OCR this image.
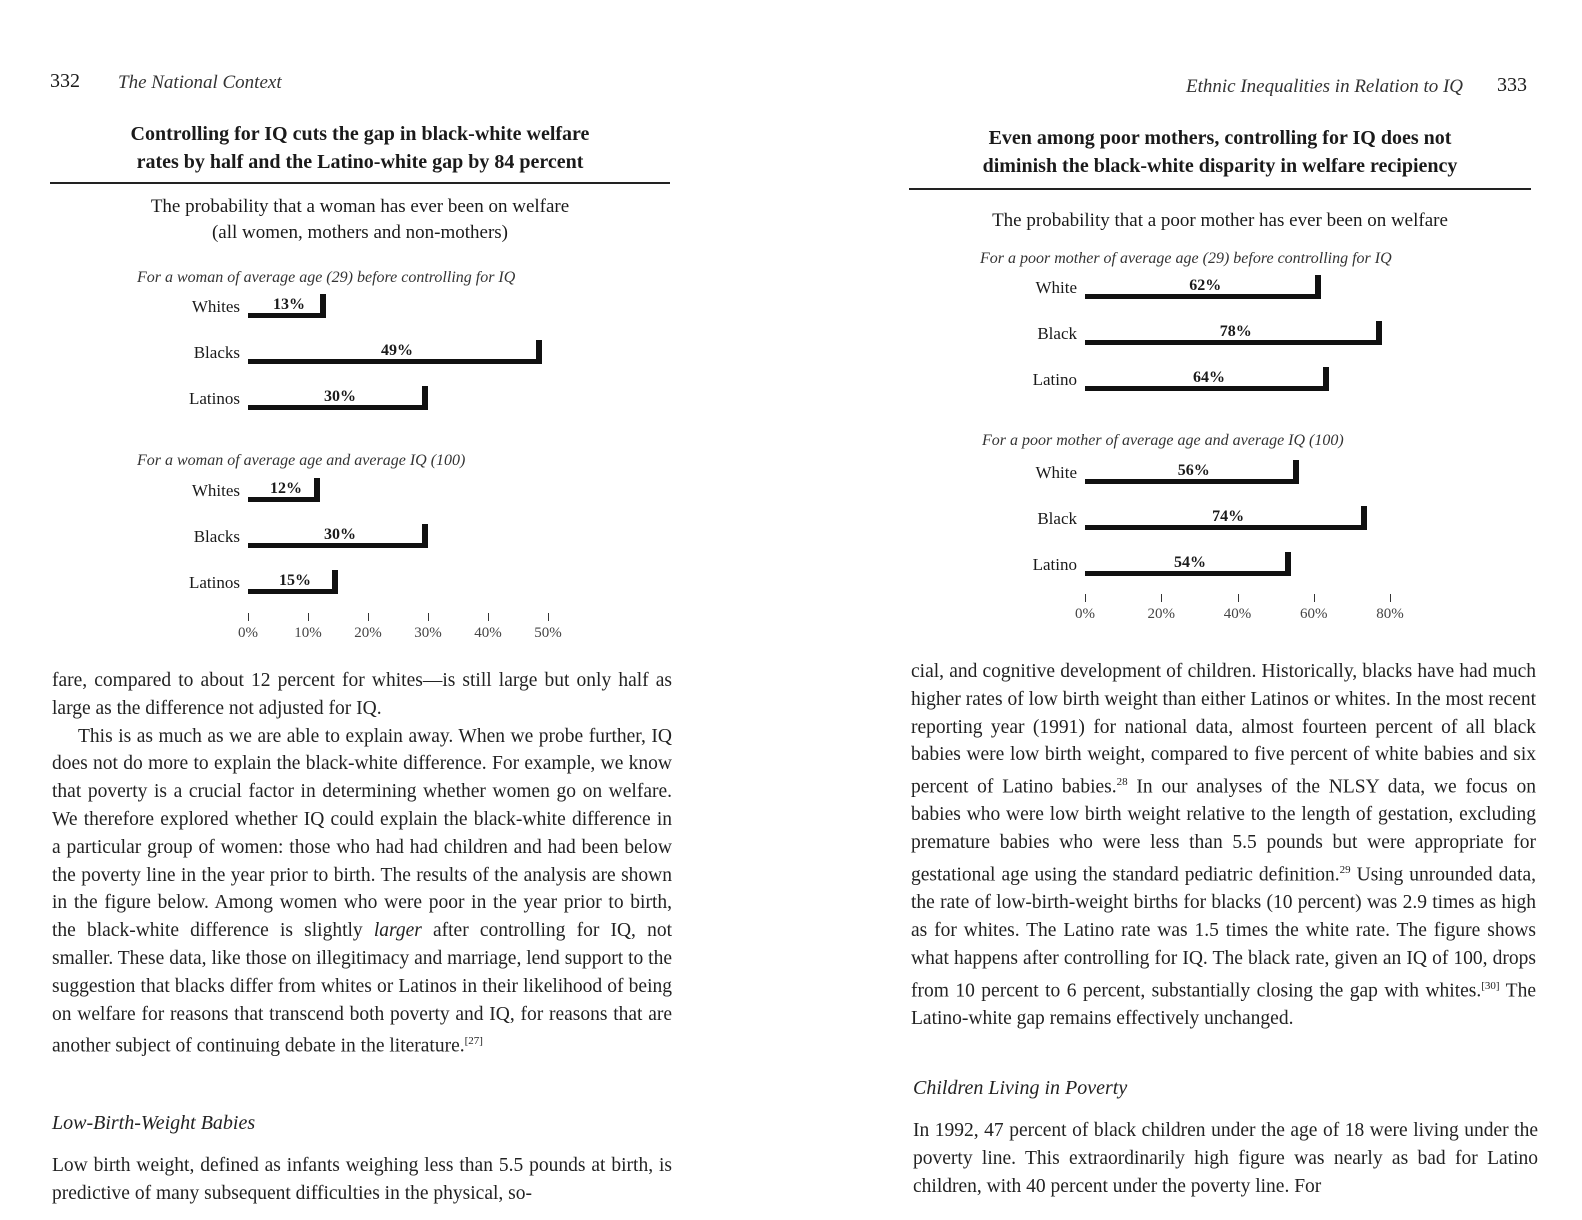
332 The National Context
Controlling for IQ cuts the gap in black-white welfare
rates by half and the Latino-white gap by 84 percent
The probability that a woman has ever been on welfare
(all women, mothers and non-mothers)
For a woman of average age (29) before controlling for IQ
For a woman of average age and average IQ (100)
Whites 13%
Blacks	49%
Latinos	30%
Whites 12%
Blacks	30%
Latinos 15%
0%	10%	20%	30%	40%	50%

fare, compared to about 12 percent for whites—is still large but only half as large as the difference not adjusted for IQ.

This is as much as we are able to explain away. When we probe further, IQ does not do more to explain the black-white difference. For example, we know that poverty is a crucial factor in determining whether women go on welfare. We therefore explored whether IQ could explain the black-white difference in a particular group of women: those who had had children and had been below the poverty line in the year prior to birth. The results of the analysis are shown in the figure below. Among women who were poor in the year prior to birth, the black-white difference is slightly larger after controlling for IQ, not smaller. These data, like those on illegitimacy and marriage, lend support to the suggestion that blacks differ from whites or Latinos in their likelihood of being on welfare for reasons that transcend both poverty and IQ, for reasons that are another subject of continuing debate in the literature.[27]

Low-Birth-Weight Babies

Low birth weight, defined as infants weighing less than 5.5 pounds at birth, is predictive of many subsequent difficulties in the physical, so-

Ethnic Inequalities in Relation to IQ 333
Even among poor mothers, controlling for IQ does not
diminish the black-white disparity in welfare recipiency
The probability that a poor mother has ever been on welfare
For a poor mother of average age (29) before controlling for IQ
For a poor mother of average age and average IQ (100)
White	62%
Black	78%
Latino	64%
White	56%
Black	74%
Latino	54%
0%	20%	40%	60%	80%

cial, and cognitive development of children. Historically, blacks have had much higher rates of low birth weight than either Latinos or whites. In the most recent reporting year (1991) for national data, almost fourteen percent of all black babies were low birth weight, compared to five percent of white babies and six percent of Latino babies.$^{28}$ In our analyses of the NLSY data, we focus on babies who were low birth weight relative to the length of gestation, excluding premature babies who were less than 5.5 pounds but were appropriate for gestational age using the standard pediatric definition.$^{29}$ Using unrounded data, the rate of low-birth-weight births for blacks (10 percent) was 2.9 times as high as for whites. The Latino rate was 1.5 times the white rate. The figure shows what happens after controlling for IQ. The black rate, given an IQ of 100, drops from 10 percent to 6 percent, substantially closing the gap with whites.[30] The Latino-white gap remains effectively unchanged.

Children Living in Poverty

In 1992, 47 percent of black children under the age of 18 were living under the poverty line. This extraordinarily high figure was nearly as bad for Latino children, with 40 percent under the poverty line. For
